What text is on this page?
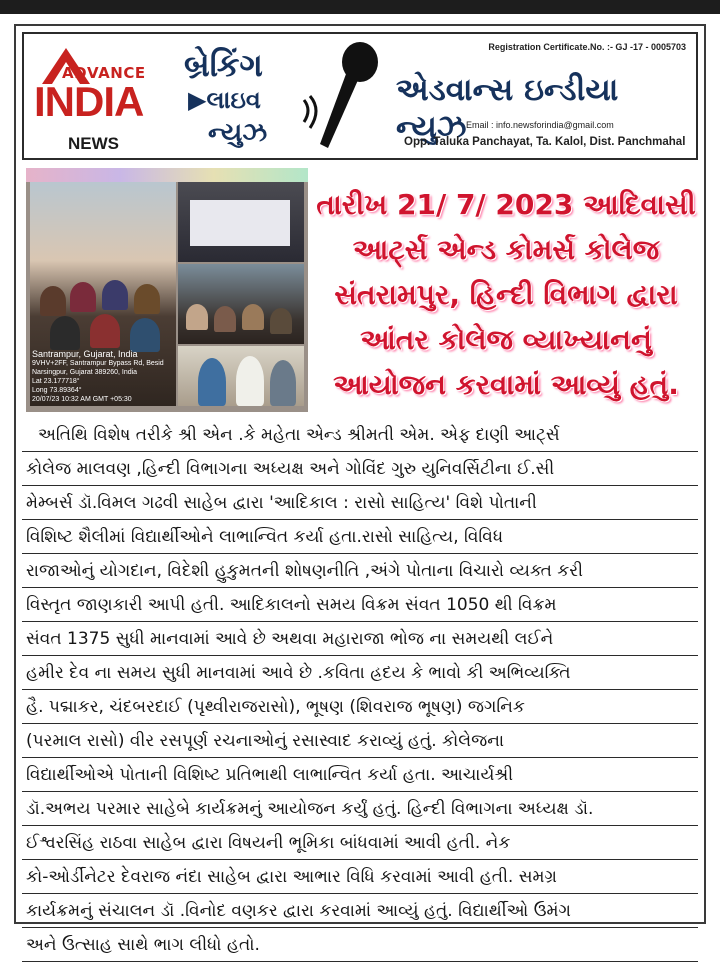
ADVANCE
INDIA
NEWS
બ્રેકિંગ
▶લાઇવ
ન્યુઝ
Registration Certificate.No. :- GJ -17 - 0005703
એડવાન્સ ઇન્ડીયા ન્યુઝ Email : info.newsforindia@gmail.com
Opp. Taluka Panchayat, Ta. Kalol, Dist. Panchmahal
Santrampur, Gujarat, India
9VHV+2FF, Santrampur Bypass Rd, Besid
Narsingpur, Gujarat 389260, India
Lat 23.177718°
Long 73.89364°
20/07/23 10:32 AM GMT +05:30
તારીખ 21/ 7/ 2023 આદિવાસી
આર્ટ્સ એન્ડ કોમર્સ કોલેજ
સંતરામપુર, હિન્દી વિભાગ દ્વારા
આંતર કોલેજ વ્યાખ્યાનનું
આયોજન કરવામાં આવ્યું હતું.
અતિથિ વિશેષ તરીકે શ્રી એન .કે મહેતા એન્ડ શ્રીમતી એમ. એફ દાણી આર્ટ્સ
કોલેજ માલવણ ,હિન્દી વિભાગના અધ્યક્ષ અને ગોવિંદ ગુરુ યુનિવર્સિટીના ઈ.સી
મેમ્બર્સ ડૉ.વિમલ ગઢવી સાહેબ દ્વારા 'આદિકાલ : રાસો સાહિત્ય' વિશે પોતાની
વિશિષ્ટ શૈલીમાં વિદ્યાર્થીઓને લાભાન્વિત કર્યા હતા.રાસો સાહિત્ય, વિવિધ
રાજાઓનું યોગદાન, વિદેશી હુકુમતની શોષણનીતિ ,અંગે પોતાના વિચારો વ્યક્ત કરી
વિસ્તૃત જાણકારી આપી હતી. આદિકાલનો સમય વિક્રમ સંવત 1050 થી વિક્રમ
સંવત 1375 સુધી માનવામાં આવે છે અથવા મહારાજા ભોજ ના સમયથી લઈને
હમીર દેવ ના સમય સુધી માનવામાં આવે છે .કવિતા હ્રદય કે ભાવો કી અભિવ્યક્તિ
હૈ. પદ્માકર, ચંદબરદાઈ (પૃથ્વીરાજરાસો), ભૂષણ (શિવરાજ ભૂષણ) જગનિક
(પરમાલ રાસો) વીર રસપૂર્ણ રચનાઓનું રસાસ્વાદ કરાવ્યું હતું. કોલેજના
વિદ્યાર્થીઓએ પોતાની વિશિષ્ટ પ્રતિભાથી લાભાન્વિત કર્યા હતા. આચાર્યશ્રી
ડૉ.અભય પરમાર સાહેબે કાર્યક્રમનું આયોજન કર્યું હતું. હિન્દી વિભાગના અધ્યક્ષ ડૉ.
ઈશ્વરસિંહ રાઠવા સાહેબ દ્વારા વિષયની ભૂમિકા બાંધવામાં આવી હતી. નેક
કો-ઓર્ડીનેટર દેવરાજ નંદા સાહેબ દ્વારા આભાર વિધિ કરવામાં આવી હતી. સમગ્ર
કાર્યક્રમનું સંચાલન ડૉ .વિનોદ વણકર દ્વારા કરવામાં આવ્યું હતું. વિદ્યાર્થીઓ ઉમંગ
અને ઉત્સાહ સાથે ભાગ લીધો હતો.
